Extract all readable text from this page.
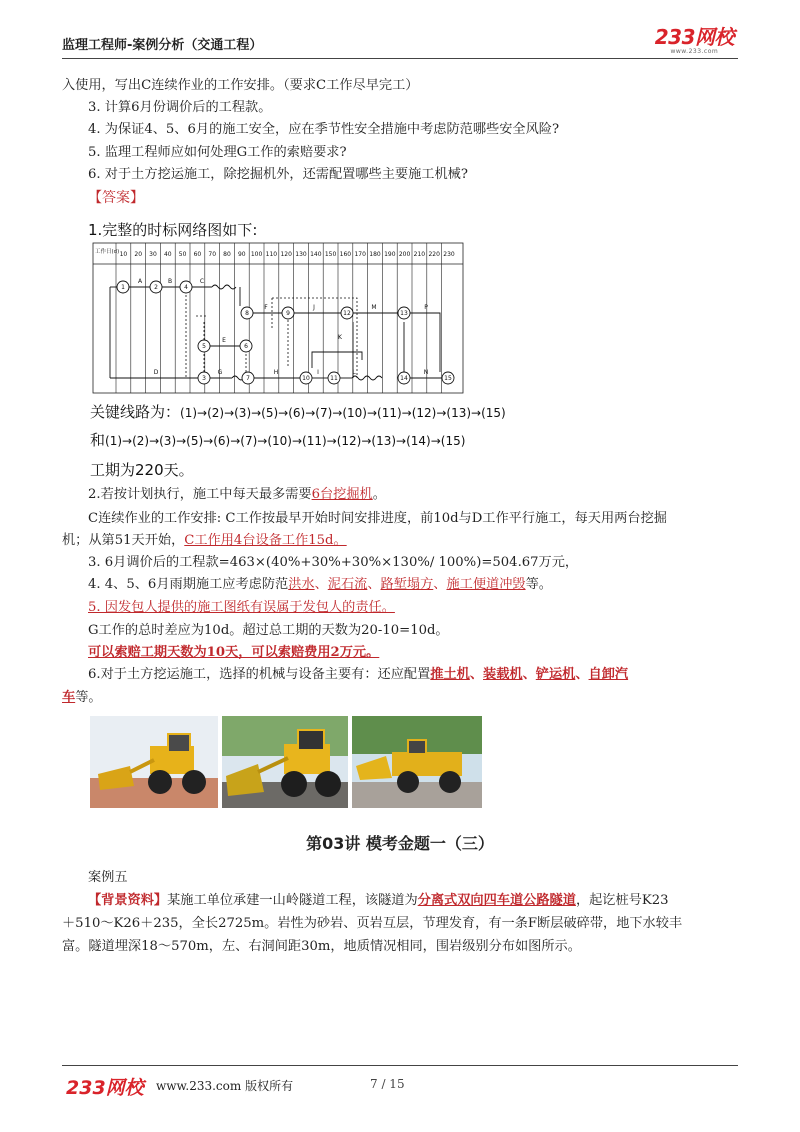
监理工程师-案例分析（交通工程）	233网校
www.233.com
入使用，写出C连续作业的工作安排。（要求C工作尽早完工）
3. 计算6月份调价后的工程款。
4. 为保证4、5、6月的施工安全，应在季节性安全措施中考虑防范哪些安全风险?
5. 监理工程师应如何处理G工作的索赔要求?
6. 对于土方挖运施工，除挖掘机外，还需配置哪些主要施工机械?
【答案】
1.完整的时标网络图如下:
工作日(d) 10 20 30 40 50 60 70 80 90 100 110 120 130 140 150 160 170 180 190 200 210 220 230
1	2	4
8	9	12	13
5	6
3	7	10	11	14	15
A	B	C
F	J	M	P
E	K
D	G	H	I	L	N
关键线路为：(1)→(2)→(3)→(5)→(6)→(7)→(10)→(11)→(12)→(13)→(15)
和(1)→(2)→(3)→(5)→(6)→(7)→(10)→(11)→(12)→(13)→(14)→(15)
工期为220天。
2.若按计划执行，施工中每天最多需要6台挖掘机。
C连续作业的工作安排: C工作按最早开始时间安排进度，前10d与D工作平行施工，每天用两台挖掘
机；从第51天开始，C工作用4台设备工作15d。
3. 6月调价后的工程款=463×(40%+30%+30%×130%/ 100%)=504.67万元，
4. 4、5、6月雨期施工应考虑防范洪水、泥石流、路堑塌方、施工便道冲毁等。
5. 因发包人提供的施工图纸有误属于发包人的责任。
G工作的总时差应为10d。超过总工期的天数为20-10=10d。
可以索赔工期天数为10天，可以索赔费用2万元。
6.对于土方挖运施工，选择的机械与设备主要有：还应配置推土机、装载机、铲运机、自卸汽
车等。
第03讲 模考金题一（三）
案例五
【背景资料】某施工单位承建一山岭隧道工程，该隧道为分离式双向四车道公路隧道，起讫桩号K23
＋510～K26＋235，全长2725m。岩性为砂岩、页岩互层，节理发育，有一条F断层破碎带，地下水较丰
富。隧道埋深18～570m，左、右洞间距30m，地质情况相同，围岩级别分布如图所示。
233网校 www.233.com 版权所有	7 / 15
